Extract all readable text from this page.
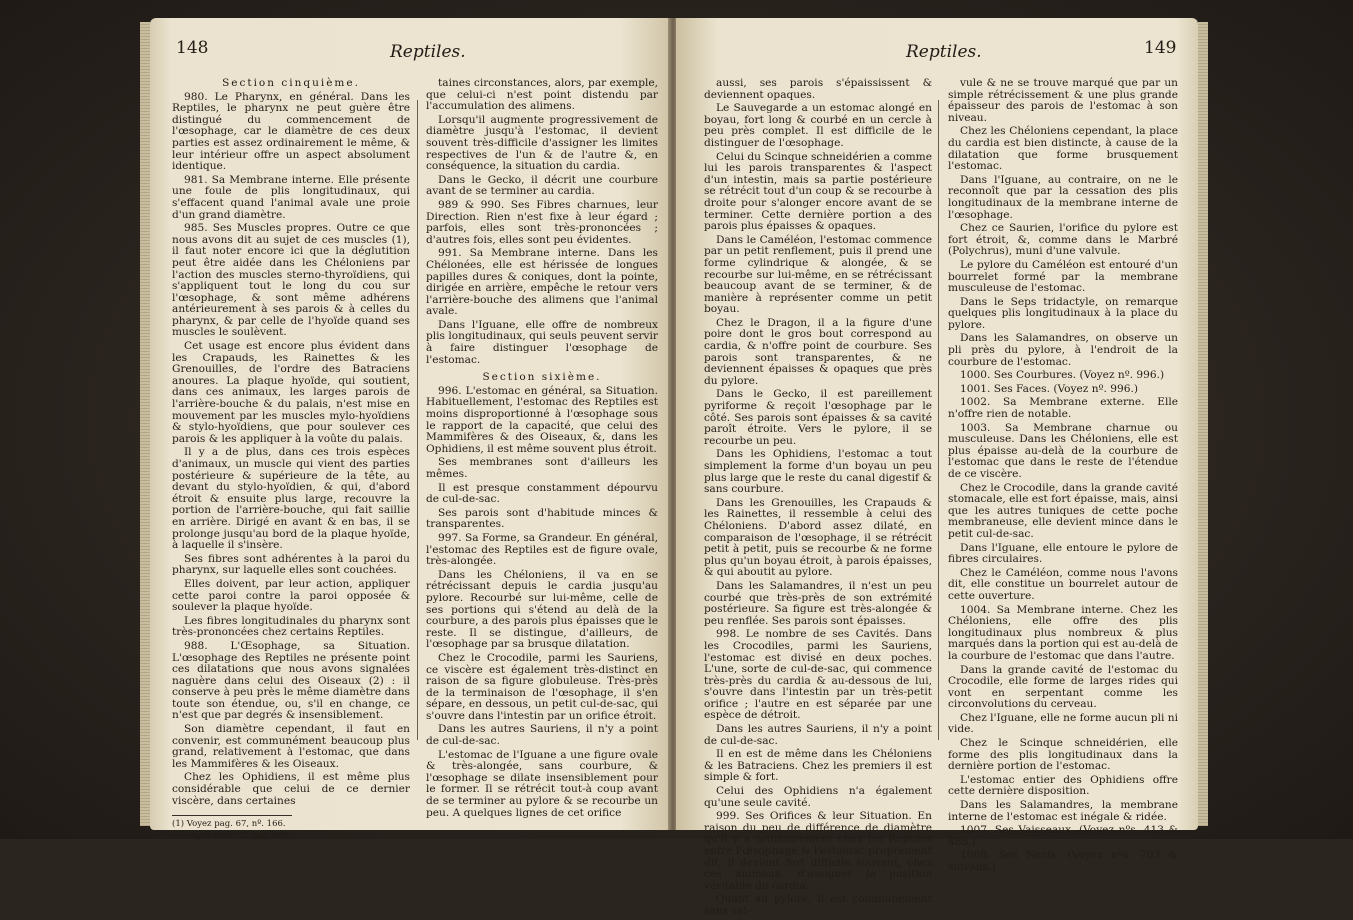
148	Reptiles.

Section cinquième.

980. Le Pharynx, en général. Dans les Reptiles, le pharynx ne peut guère être distingué du commencement de l'œsophage, car le diamètre de ces deux parties est assez ordinairement le même, & leur intérieur offre un aspect absolument identique.

981. Sa Membrane interne. Elle présente une foule de plis longitudinaux, qui s'effacent quand l'animal avale une proie d'un grand diamètre.

985. Ses Muscles propres. Outre ce que nous avons dit au sujet de ces muscles (1), il faut noter encore ici que la déglutition peut être aidée dans les Chéloniens par l'action des muscles sterno-thyroïdiens, qui s'appliquent tout le long du cou sur l'œsophage, & sont même adhérens antérieurement à ses parois & à celles du pharynx, & par celle de l'hyoïde quand ses muscles le soulèvent.

Cet usage est encore plus évident dans les Crapauds, les Rainettes & les Grenouilles, de l'ordre des Batraciens anoures. La plaque hyoïde, qui soutient, dans ces animaux, les larges parois de l'arrière-bouche & du palais, n'est mise en mouvement par les muscles mylo-hyoïdiens & stylo-hyoïdiens, que pour soulever ces parois & les appliquer à la voûte du palais.

Il y a de plus, dans ces trois espèces d'animaux, un muscle qui vient des parties postérieure & supérieure de la tête, au devant du stylo-hyoïdien, & qui, d'abord étroit & ensuite plus large, recouvre la portion de l'arrière-bouche, qui fait saillie en arrière. Dirigé en avant & en bas, il se prolonge jusqu'au bord de la plaque hyoïde, à laquelle il s'insère.

Ses fibres sont adhérentes à la paroi du pharynx, sur laquelle elles sont couchées.

Elles doivent, par leur action, appliquer cette paroi contre la paroi opposée & soulever la plaque hyoïde.

Les fibres longitudinales du pharynx sont très-prononcées chez certains Reptiles.

988. L'Œsophage, sa Situation. L'œsophage des Reptiles ne présente point ces dilatations que nous avons signalées naguère dans celui des Oiseaux (2) : il conserve à peu près le même diamètre dans toute son étendue, ou, s'il en change, ce n'est que par degrés & insensiblement.

Son diamètre cependant, il faut en convenir, est communément beaucoup plus grand, relativement à l'estomac, que dans les Mammifères & les Oiseaux.

Chez les Ophidiens, il est même plus considérable que celui de ce dernier viscère, dans certaines

(1) Voyez pag. 67, nº. 166.

(2) Voyez tom. III, pag. 633.

taines circonstances, alors, par exemple, que celui-ci n'est point distendu par l'accumulation des alimens.

Lorsqu'il augmente progressivement de diamètre jusqu'à l'estomac, il devient souvent très-difficile d'assigner les limites respectives de l'un & de l'autre &, en conséquence, la situation du cardia.

Dans le Gecko, il décrit une courbure avant de se terminer au cardia.

989 & 990. Ses Fibres charnues, leur Direction. Rien n'est fixe à leur égard ; parfois, elles sont très-prononcées ; d'autres fois, elles sont peu évidentes.

991. Sa Membrane interne. Dans les Chélonées, elle est hérissée de longues papilles dures & coniques, dont la pointe, dirigée en arrière, empêche le retour vers l'arrière-bouche des alimens que l'animal avale.

Dans l'Iguane, elle offre de nombreux plis longitudinaux, qui seuls peuvent servir à faire distinguer l'œsophage de l'estomac.

Section sixième.

996. L'estomac en général, sa Situation. Habituellement, l'estomac des Reptiles est moins disproportionné à l'œsophage sous le rapport de la capacité, que celui des Mammifères & des Oiseaux, &, dans les Ophidiens, il est même souvent plus étroit.

Ses membranes sont d'ailleurs les mêmes.

Il est presque constamment dépourvu de cul-de-sac.

Ses parois sont d'habitude minces & transparentes.

997. Sa Forme, sa Grandeur. En général, l'estomac des Reptiles est de figure ovale, très-alongée.

Dans les Chéloniens, il va en se rétrécissant depuis le cardia jusqu'au pylore. Recourbé sur lui-même, celle de ses portions qui s'étend au delà de la courbure, a des parois plus épaisses que le reste. Il se distingue, d'ailleurs, de l'œsophage par sa brusque dilatation.

Chez le Crocodile, parmi les Sauriens, ce viscère est également très-distinct en raison de sa figure globuleuse. Très-près de la terminaison de l'œsophage, il s'en sépare, en dessous, un petit cul-de-sac, qui s'ouvre dans l'intestin par un orifice étroit.

Dans les autres Sauriens, il n'y a point de cul-de-sac.

L'estomac de l'Iguane a une figure ovale & très-alongée, sans courbure, & l'œsophage se dilate insensiblement pour le former. Il se rétrécit tout-à coup avant de se terminer au pylore & se recourbe un peu. A quelques lignes de cet orifice

Reptiles.	149

aussi, ses parois s'épaississent & deviennent opaques.

Le Sauvegarde a un estomac alongé en boyau, fort long & courbé en un cercle à peu près complet. Il est difficile de le distinguer de l'œsophage.

Celui du Scinque schneidérien a comme lui les parois transparentes & l'aspect d'un intestin, mais sa partie postérieure se rétrécit tout d'un coup & se recourbe à droite pour s'alonger encore avant de se terminer. Cette dernière portion a des parois plus épaisses & opaques.

Dans le Caméléon, l'estomac commence par un petit renflement, puis il prend une forme cylindrique & alongée, & se recourbe sur lui-même, en se rétrécissant beaucoup avant de se terminer, & de manière à représenter comme un petit boyau.

Chez le Dragon, il a la figure d'une poire dont le gros bout correspond au cardia, & n'offre point de courbure. Ses parois sont transparentes, & ne deviennent épaisses & opaques que près du pylore.

Dans le Gecko, il est pareillement pyriforme & reçoit l'œsophage par le côté. Ses parois sont épaisses & sa cavité paroît étroite. Vers le pylore, il se recourbe un peu.

Dans les Ophidiens, l'estomac a tout simplement la forme d'un boyau un peu plus large que le reste du canal digestif & sans courbure.

Dans les Grenouilles, les Crapauds & les Rainettes, il ressemble à celui des Chéloniens. D'abord assez dilaté, en comparaison de l'œsophage, il se rétrécit petit à petit, puis se recourbe & ne forme plus qu'un boyau étroit, à parois épaisses, & qui aboutit au pylore.

Dans les Salamandres, il n'est un peu courbé que très-près de son extrémité postérieure. Sa figure est très-alongée & peu renflée. Ses parois sont épaisses.

998. Le nombre de ses Cavités. Dans les Crocodiles, parmi les Sauriens, l'estomac est divisé en deux poches. L'une, sorte de cul-de-sac, qui commence très-près du cardia & au-dessous de lui, s'ouvre dans l'intestin par un très-petit orifice ; l'autre en est séparée par une espèce de détroit.

Dans les autres Sauriens, il n'y a point de cul-de-sac.

Il en est de même dans les Chéloniens & les Batraciens. Chez les premiers il est simple & fort.

Celui des Ophidiens n'a également qu'une seule cavité.

999. Ses Orifices & leur Situation. En raison du peu de différence de diamètre qu'il y a ordinairement chez les Reptiles entre l'œsophage & l'estomac proprement dit, il devient fort difficile souvent, chez ces animaux, d'assigner la position véritable du cardia.

Quant au pylore, il est communément sans val-

vule & ne se trouve marqué que par un simple rétrécissement & une plus grande épaisseur des parois de l'estomac à son niveau.

Chez les Chéloniens cependant, la place du cardia est bien distincte, à cause de la dilatation que forme brusquement l'estomac.

Dans l'Iguane, au contraire, on ne le reconnoît que par la cessation des plis longitudinaux de la membrane interne de l'œsophage.

Chez ce Saurien, l'orifice du pylore est fort étroit, &, comme dans le Marbré (Polychrus), muni d'une valvule.

Le pylore du Caméléon est entouré d'un bourrelet formé par la membrane musculeuse de l'estomac.

Dans le Seps tridactyle, on remarque quelques plis longitudinaux à la place du pylore.

Dans les Salamandres, on observe un pli près du pylore, à l'endroit de la courbure de l'estomac.

1000. Ses Courbures. (Voyez nº. 996.)

1001. Ses Faces. (Voyez nº. 996.)

1002. Sa Membrane externe. Elle n'offre rien de notable.

1003. Sa Membrane charnue ou musculeuse. Dans les Chéloniens, elle est plus épaisse au-delà de la courbure de l'estomac que dans le reste de l'étendue de ce viscère.

Chez le Crocodile, dans la grande cavité stomacale, elle est fort épaisse, mais, ainsi que les autres tuniques de cette poche membraneuse, elle devient mince dans le petit cul-de-sac.

Dans l'Iguane, elle entoure le pylore de fibres circulaires.

Chez le Caméléon, comme nous l'avons dit, elle constitue un bourrelet autour de cette ouverture.

1004. Sa Membrane interne. Chez les Chéloniens, elle offre des plis longitudinaux plus nombreux & plus marqués dans la portion qui est au-delà de la courbure de l'estomac que dans l'autre.

Dans la grande cavité de l'estomac du Crocodile, elle forme de larges rides qui vont en serpentant comme les circonvolutions du cerveau.

Chez l'Iguane, elle ne forme aucun pli ni vide.

Chez le Scinque schneidérien, elle forme des plis longitudinaux dans la dernière portion de l'estomac.

L'estomac entier des Ophidiens offre cette dernière disposition.

Dans les Salamandres, la membrane interne de l'estomac est inégale & ridée.

1007. Ses Vaisseaux. (Voyez nºs. 413 & 488.)

1008. Ses Nerfs. (Voyez nºs. 703 & suivans.)
